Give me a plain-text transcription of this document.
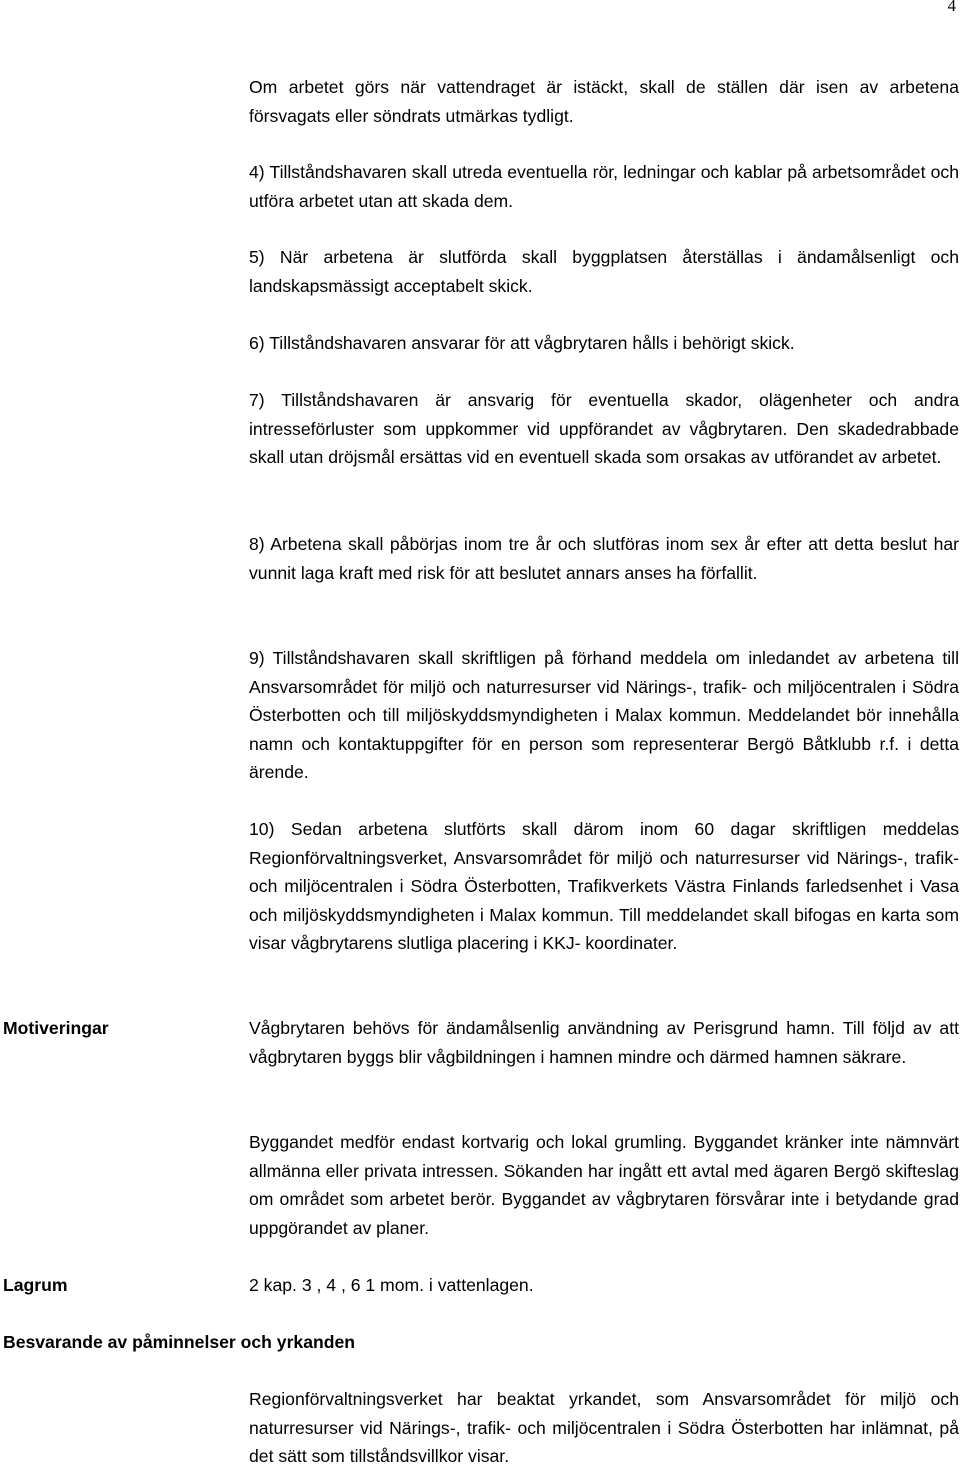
4

Om arbetet görs när vattendraget är istäckt, skall de ställen där isen av arbetena försvagats eller söndrats utmärkas tydligt.

4) Tillståndshavaren skall utreda eventuella rör, ledningar och kablar på arbetsområdet och utföra arbetet utan att skada dem.

5) När arbetena är slutförda skall byggplatsen återställas i ändamålsenligt och landskapsmässigt acceptabelt skick.

6) Tillståndshavaren ansvarar för att vågbrytaren hålls i behörigt skick.

7) Tillståndshavaren är ansvarig för eventuella skador, olägenheter och andra intresseförluster som uppkommer vid uppförandet av vågbrytaren. Den skadedrabbade skall utan dröjsmål ersättas vid en eventuell skada som orsakas av utförandet av arbetet.

8) Arbetena skall påbörjas inom tre år och slutföras inom sex år efter att detta beslut har vunnit laga kraft med risk för att beslutet annars anses ha förfallit.

9) Tillståndshavaren skall skriftligen på förhand meddela om inledandet av arbetena till Ansvarsområdet för miljö och naturresurser vid Närings-, trafik- och miljöcentralen i Södra Österbotten och till miljöskyddsmyndigheten i Malax kommun. Meddelandet bör innehålla namn och kontaktuppgifter för en person som representerar Bergö Båtklubb r.f. i detta ärende.

10) Sedan arbetena slutförts skall därom inom 60 dagar skriftligen meddelas Regionförvaltningsverket, Ansvarsområdet för miljö och naturresurser vid Närings-, trafik- och miljöcentralen i Södra Österbotten, Trafikverkets Västra Finlands farledsenhet i Vasa och miljöskyddsmyndigheten i Malax kommun. Till meddelandet skall bifogas en karta som visar vågbrytarens slutliga placering i KKJ- koordinater.

Motiveringar	Vågbrytaren behövs för ändamålsenlig användning av Perisgrund hamn. Till följd av att vågbrytaren byggs blir vågbildningen i hamnen mindre och därmed hamnen säkrare.

Byggandet medför endast kortvarig och lokal grumling. Byggandet kränker inte nämnvärt allmänna eller privata intressen. Sökanden har ingått ett avtal med ägaren Bergö skifteslag om området som arbetet berör. Byggandet av vågbrytaren försvårar inte i betydande grad uppgörandet av planer.

Lagrum	2 kap. 3 , 4 , 6 1 mom. i vattenlagen.

Besvarande av påminnelser och yrkanden

Regionförvaltningsverket har beaktat yrkandet, som Ansvarsområdet för miljö och naturresurser vid Närings-, trafik- och miljöcentralen i Södra Österbotten har inlämnat, på det sätt som tillståndsvillkor visar.
